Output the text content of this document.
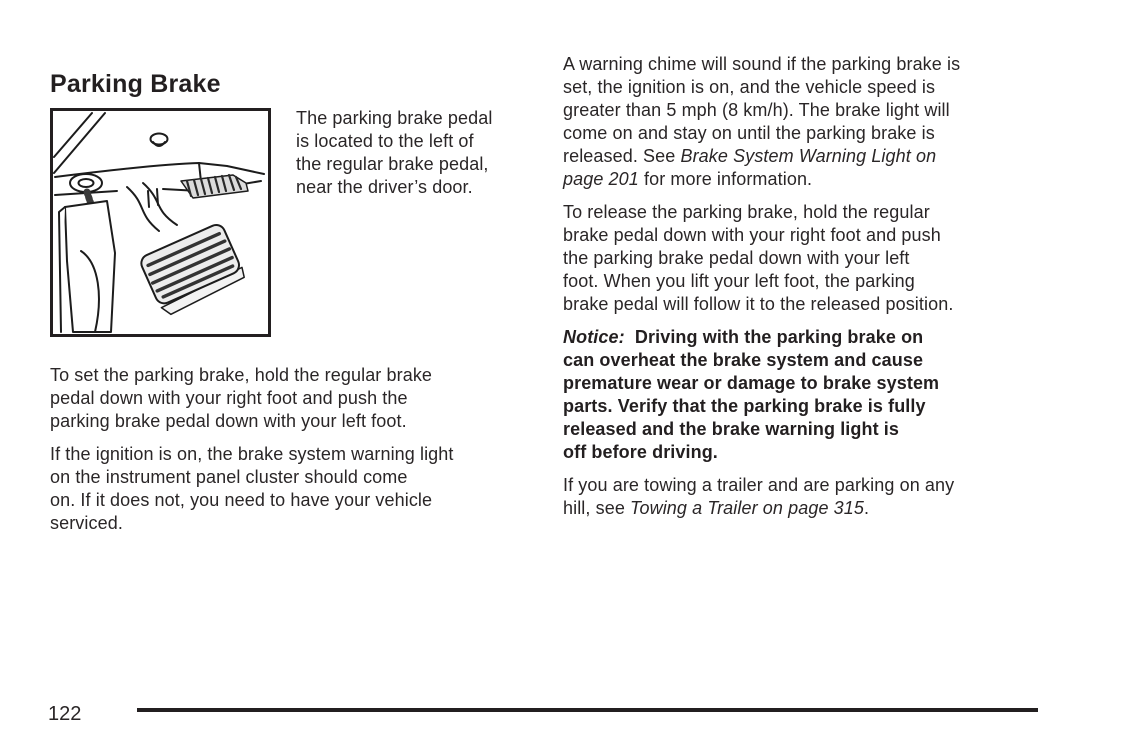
Parking Brake
The parking brake pedal
is located to the left of
the regular brake pedal,
near the driver’s door.

To set the parking brake, hold the regular brake
pedal down with your right foot and push the
parking brake pedal down with your left foot.

If the ignition is on, the brake system warning light
on the instrument panel cluster should come
on. If it does not, you need to have your vehicle
serviced.

A warning chime will sound if the parking brake is
set, the ignition is on, and the vehicle speed is
greater than 5 mph (8 km/h). The brake light will
come on and stay on until the parking brake is
released. See Brake System Warning Light on
page 201 for more information.

To release the parking brake, hold the regular
brake pedal down with your right foot and push
the parking brake pedal down with your left
foot. When you lift your left foot, the parking
brake pedal will follow it to the released position.

Notice:  Driving with the parking brake on
can overheat the brake system and cause
premature wear or damage to brake system
parts. Verify that the parking brake is fully
released and the brake warning light is
off before driving.

If you are towing a trailer and are parking on any
hill, see Towing a Trailer on page 315.

122
